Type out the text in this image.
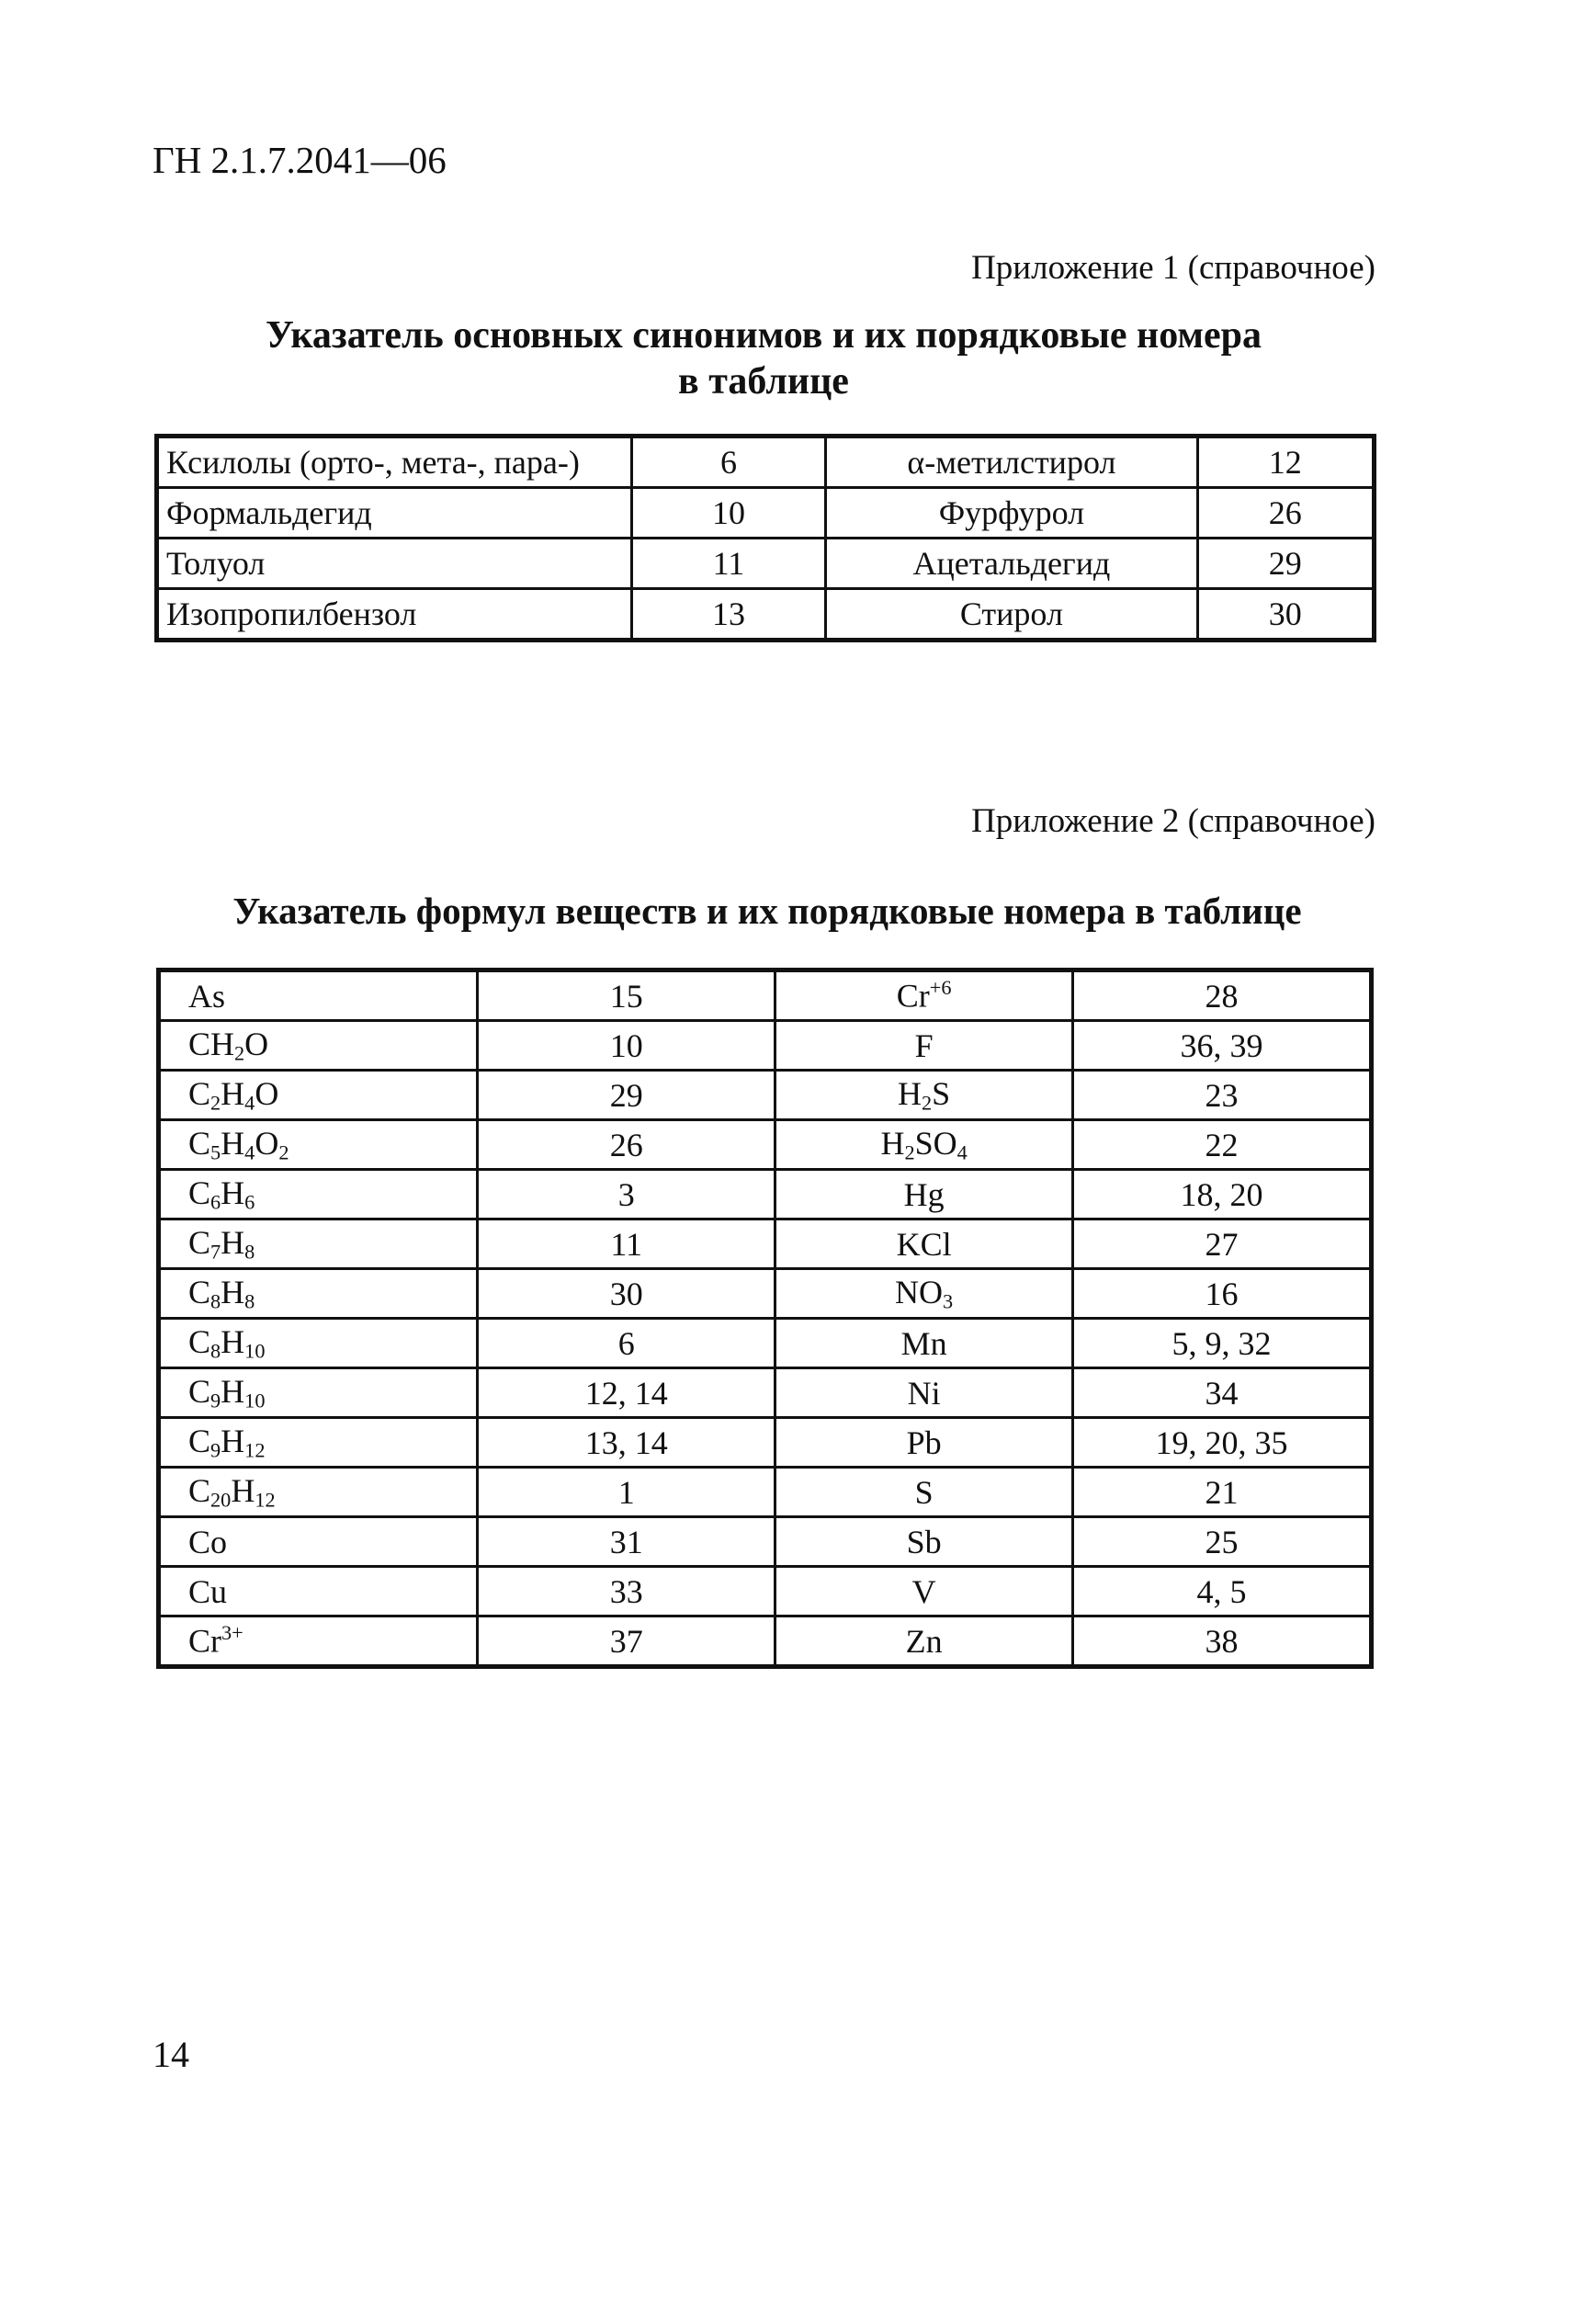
ГН 2.1.7.2041—06
Приложение 1 (справочное)
Указатель основных синонимов и их порядковые номера
в таблице
Ксилолы (орто-, мета-, пара-)	6	α-метилстирол	12
Формальдегид	10	Фурфурол	26
Толуол	11	Ацетальдегид	29
Изопропилбензол	13	Стирол	30
Приложение 2 (справочное)
Указатель формул веществ и их порядковые номера в таблице
As	15	$Cr^{+6}$	28
$CH_2O$	10	F	36, 39
$C_2H_4O$	29	$H_2S$	23
$C_5H_4O_2$	26	$H_2SO_4$	22
$C_6H_6$	3	Hg	18, 20
$C_7H_8$	11	KCl	27
$C_8H_8$	30	$NO_3$	16
$C_8H_{10}$	6	Mn	5, 9, 32
$C_9H_{10}$	12, 14	Ni	34
$C_9H_{12}$	13, 14	Pb	19, 20, 35
$C_{20}H_{12}$	1	S	21
Co	31	Sb	25
Cu	33	V	4, 5
$Cr^{3+}$	37	Zn	38
14
